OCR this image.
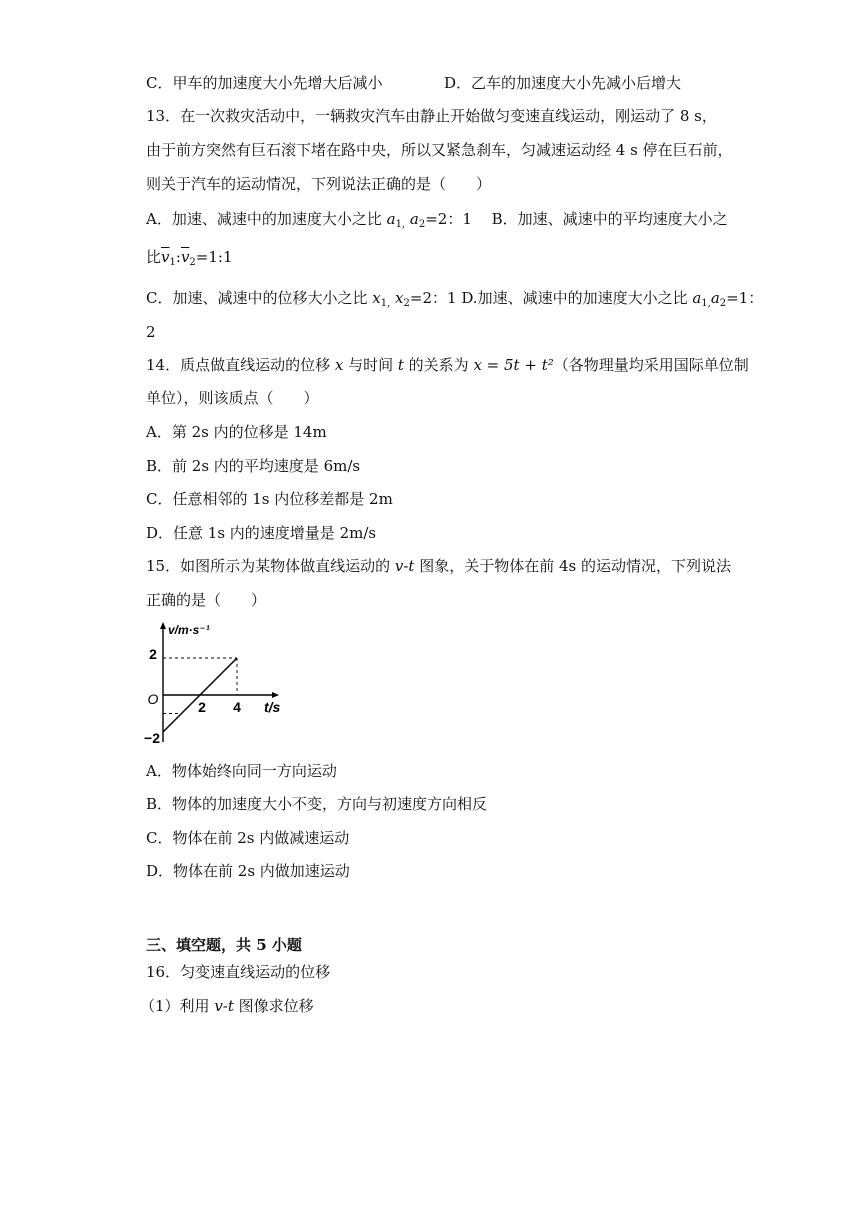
C．甲车的加速度大小先增大后减小	D．乙车的加速度大小先减小后增大
13．在一次救灾活动中，一辆救灾汽车由静止开始做匀变速直线运动，刚运动了 8 s，
由于前方突然有巨石滚下堵在路中央，所以又紧急刹车，匀减速运动经 4 s 停在巨石前，
则关于汽车的运动情况，下列说法正确的是（　　）
A．加速、减速中的加速度大小之比 $a_{1,}$ $a_2=2$：1　 B．加速、减速中的平均速度大小之
比$\overline{v}_1:\overline{v}_2=1:1$
C．加速、减速中的位移大小之比 $x_{1,}$ $x_2=2$：1 D.加速、减速中的加速度大小之比 $a_{1,}a_2=1$：
2
14．质点做直线运动的位移 x 与时间 t 的关系为 x = 5t + t²（各物理量均采用国际单位制
单位），则该质点（　　）
A．第 2s 内的位移是 14m
B．前 2s 内的平均速度是 6m/s
C．任意相邻的 1s 内位移差都是 2m
D．任意 1s 内的速度增量是 2m/s
15．如图所示为某物体做直线运动的 v-t 图象，关于物体在前 4s 的运动情况，下列说法
正确的是（　　）
v/m·s⁻¹
2
−2
O	2 4 t/s
A．物体始终向同一方向运动
B．物体的加速度大小不变，方向与初速度方向相反
C．物体在前 2s 内做减速运动
D．物体在前 2s 内做加速运动
三、填空题，共 5 小题
16．匀变速直线运动的位移
（1）利用 v-t 图像求位移
